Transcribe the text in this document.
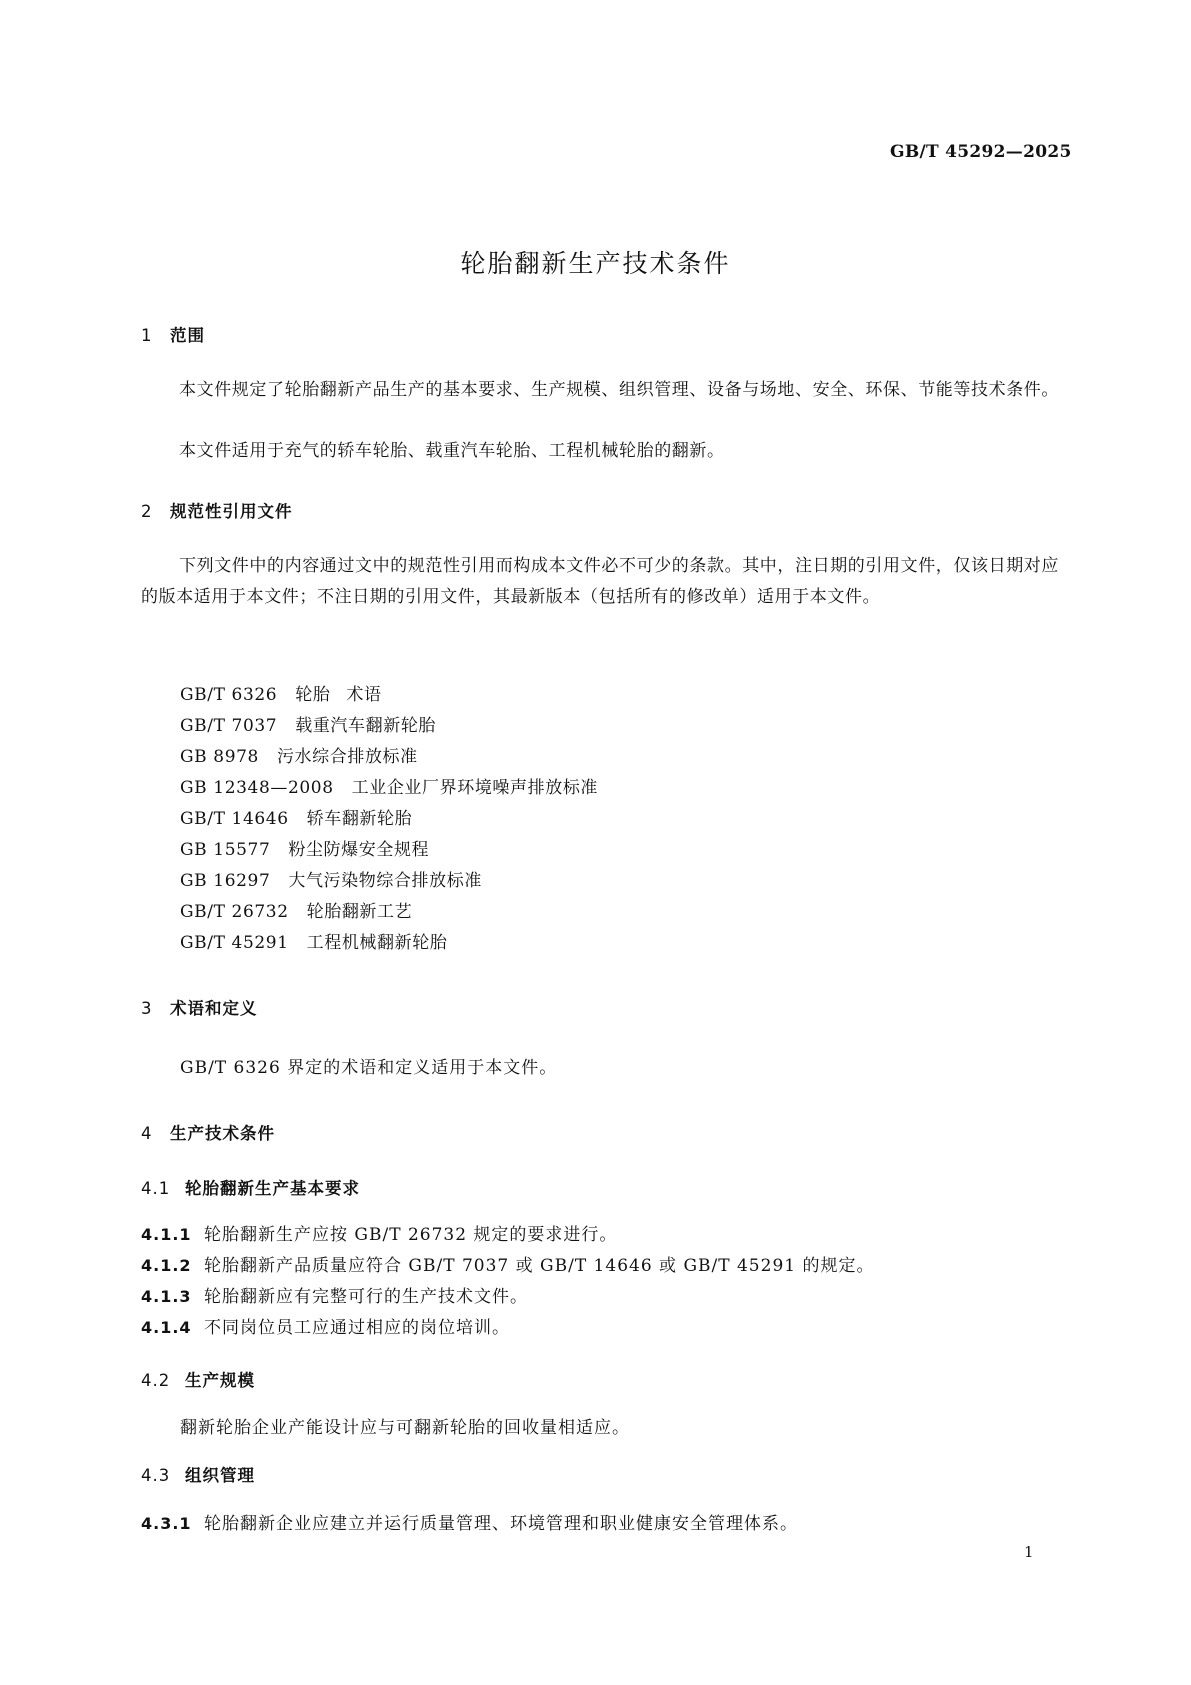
GB/T 45292—2025
轮胎翻新生产技术条件
1 范围
本文件规定了轮胎翻新产品生产的基本要求、生产规模、组织管理、设备与场地、安全、环保、节能等技术条件。
本文件适用于充气的轿车轮胎、载重汽车轮胎、工程机械轮胎的翻新。
2 规范性引用文件
下列文件中的内容通过文中的规范性引用而构成本文件必不可少的条款。其中，注日期的引用文件，仅该日期对应的版本适用于本文件；不注日期的引用文件，其最新版本（包括所有的修改单）适用于本文件。
GB/T 6326 轮胎 术语
GB/T 7037 载重汽车翻新轮胎
GB 8978 污水综合排放标准
GB 12348—2008 工业企业厂界环境噪声排放标准
GB/T 14646 轿车翻新轮胎
GB 15577 粉尘防爆安全规程
GB 16297 大气污染物综合排放标准
GB/T 26732 轮胎翻新工艺
GB/T 45291 工程机械翻新轮胎
3 术语和定义
GB/T 6326 界定的术语和定义适用于本文件。
4 生产技术条件
4.1 轮胎翻新生产基本要求
4.1.1 轮胎翻新生产应按 GB/T 26732 规定的要求进行。
4.1.2 轮胎翻新产品质量应符合 GB/T 7037 或 GB/T 14646 或 GB/T 45291 的规定。
4.1.3 轮胎翻新应有完整可行的生产技术文件。
4.1.4 不同岗位员工应通过相应的岗位培训。
4.2 生产规模
翻新轮胎企业产能设计应与可翻新轮胎的回收量相适应。
4.3 组织管理
4.3.1 轮胎翻新企业应建立并运行质量管理、环境管理和职业健康安全管理体系。
1
